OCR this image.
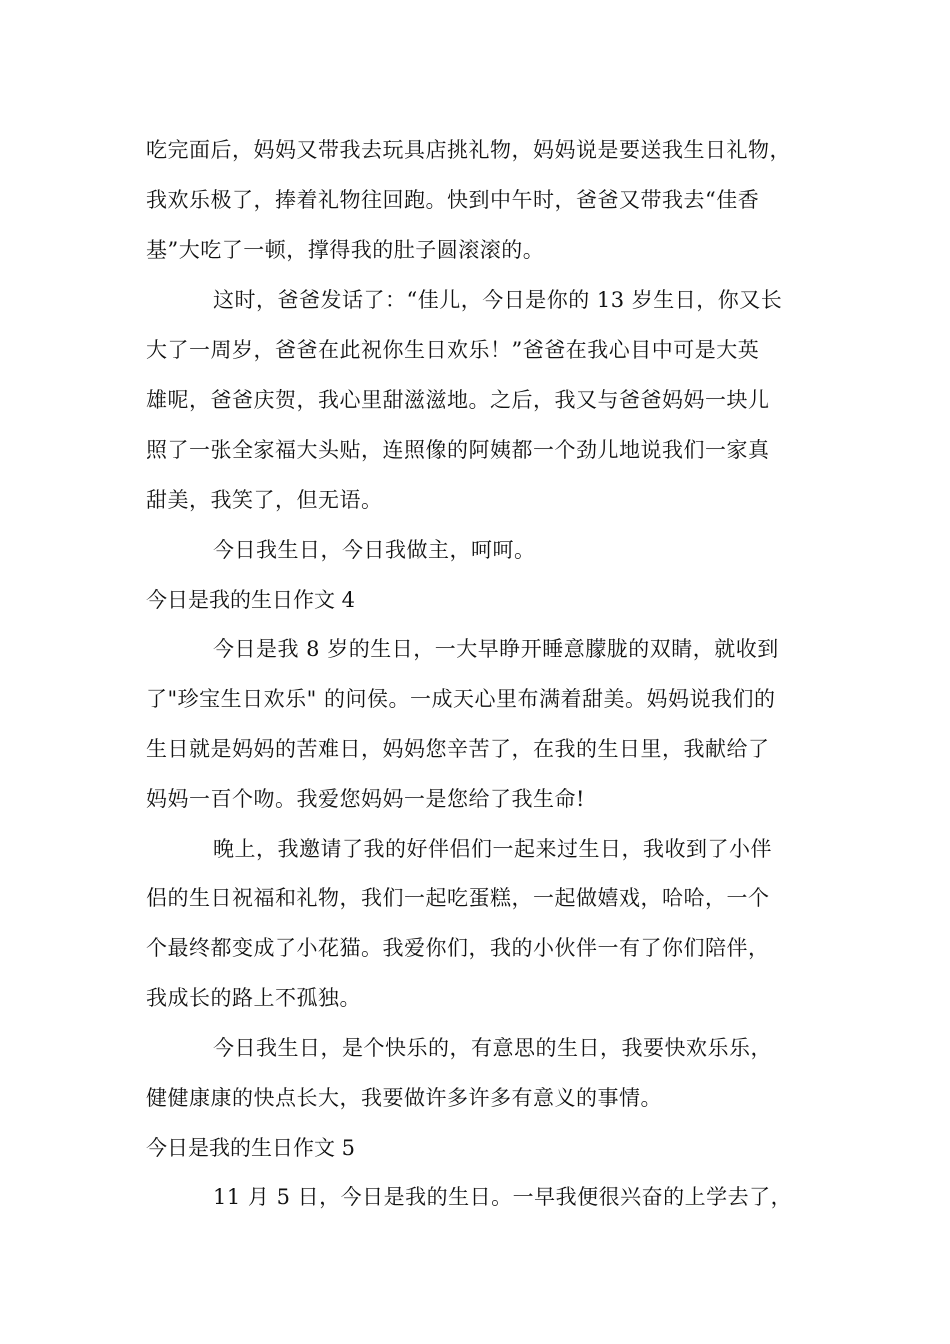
吃完面后，妈妈又带我去玩具店挑礼物，妈妈说是要送我生日礼物，
我欢乐极了，捧着礼物往回跑。快到中午时，爸爸又带我去“佳香
基”大吃了一顿，撑得我的肚子圆滚滚的。
这时，爸爸发话了：“佳儿，今日是你的 13 岁生日，你又长
大了一周岁，爸爸在此祝你生日欢乐！”爸爸在我心目中可是大英
雄呢，爸爸庆贺，我心里甜滋滋地。之后，我又与爸爸妈妈一块儿
照了一张全家福大头贴，连照像的阿姨都一个劲儿地说我们一家真
甜美，我笑了，但无语。
今日我生日，今日我做主，呵呵。
今日是我的生日作文 4
今日是我 8 岁的生日，一大早睁开睡意朦胧的双睛，就收到
了"珍宝生日欢乐" 的问侯。一成天心里布满着甜美。妈妈说我们的
生日就是妈妈的苦难日，妈妈您辛苦了，在我的生日里，我献给了
妈妈一百个吻。我爱您妈妈一是您给了我生命!
晚上，我邀请了我的好伴侣们一起来过生日，我收到了小伴
侣的生日祝福和礼物，我们一起吃蛋糕，一起做嬉戏，哈哈，一个
个最终都变成了小花猫。我爱你们，我的小伙伴一有了你们陪伴，
我成长的路上不孤独。
今日我生日，是个快乐的，有意思的生日，我要快欢乐乐，
健健康康的快点长大，我要做许多许多有意义的事情。
今日是我的生日作文 5
11 月 5 日，今日是我的生日。一早我便很兴奋的上学去了，
